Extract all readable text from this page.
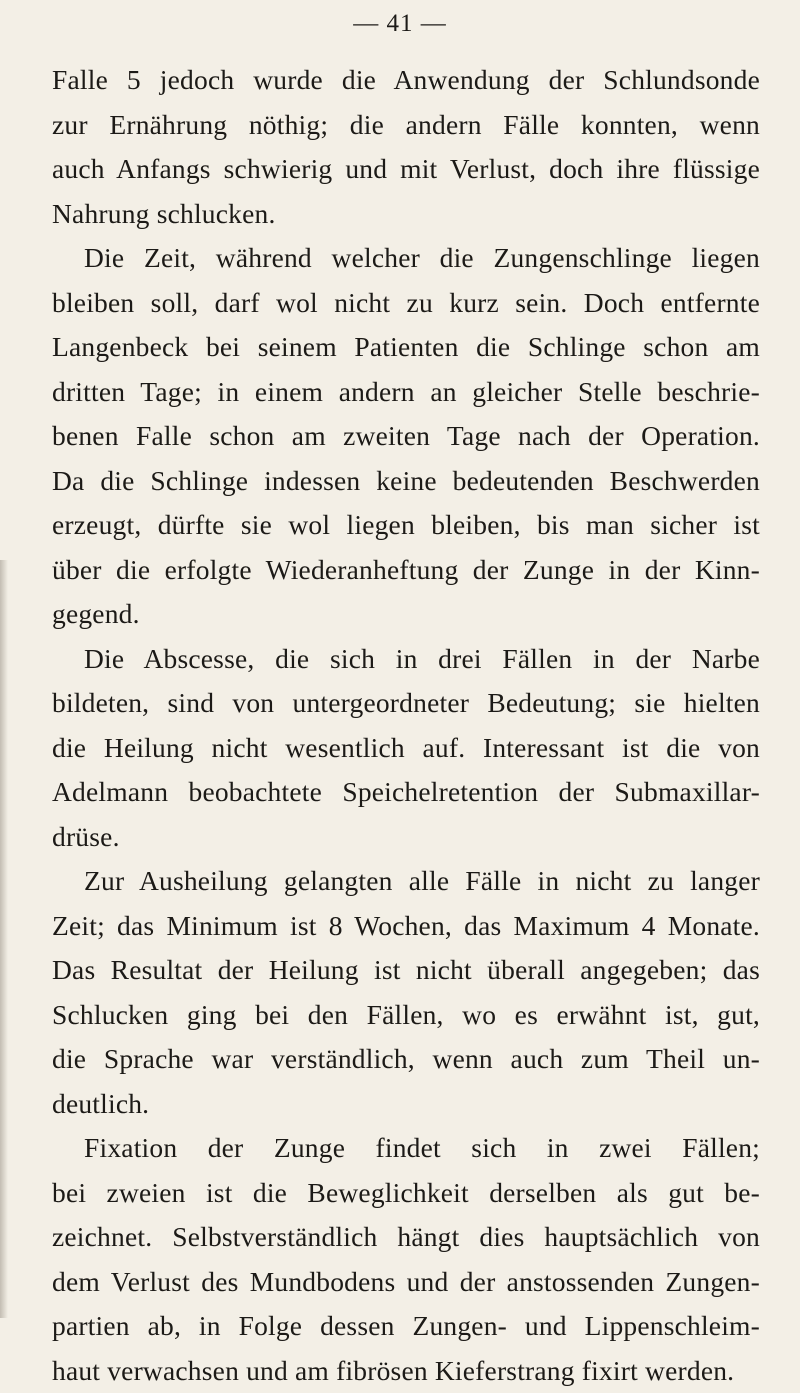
— 41 —
Falle 5 jedoch wurde die Anwendung der Schlundsonde
zur Ernährung nöthig; die andern Fälle konnten, wenn
auch Anfangs schwierig und mit Verlust, doch ihre flüssige
Nahrung schlucken.
Die Zeit, während welcher die Zungenschlinge liegen
bleiben soll, darf wol nicht zu kurz sein. Doch entfernte
Langenbeck bei seinem Patienten die Schlinge schon am
dritten Tage; in einem andern an gleicher Stelle beschrie-
benen Falle schon am zweiten Tage nach der Operation.
Da die Schlinge indessen keine bedeutenden Beschwerden
erzeugt, dürfte sie wol liegen bleiben, bis man sicher ist
über die erfolgte Wiederanheftung der Zunge in der Kinn-
gegend.
Die Abscesse, die sich in drei Fällen in der Narbe
bildeten, sind von untergeordneter Bedeutung; sie hielten
die Heilung nicht wesentlich auf. Interessant ist die von
Adelmann beobachtete Speichelretention der Submaxillar-
drüse.
Zur Ausheilung gelangten alle Fälle in nicht zu langer
Zeit; das Minimum ist 8 Wochen, das Maximum 4 Monate.
Das Resultat der Heilung ist nicht überall angegeben; das
Schlucken ging bei den Fällen, wo es erwähnt ist, gut,
die Sprache war verständlich, wenn auch zum Theil un-
deutlich.
Fixation der Zunge findet sich in zwei Fällen;
bei zweien ist die Beweglichkeit derselben als gut be-
zeichnet. Selbstverständlich hängt dies hauptsächlich von
dem Verlust des Mundbodens und der anstossenden Zungen-
partien ab, in Folge dessen Zungen- und Lippenschleim-
haut verwachsen und am fibrösen Kieferstrang fixirt werden.
